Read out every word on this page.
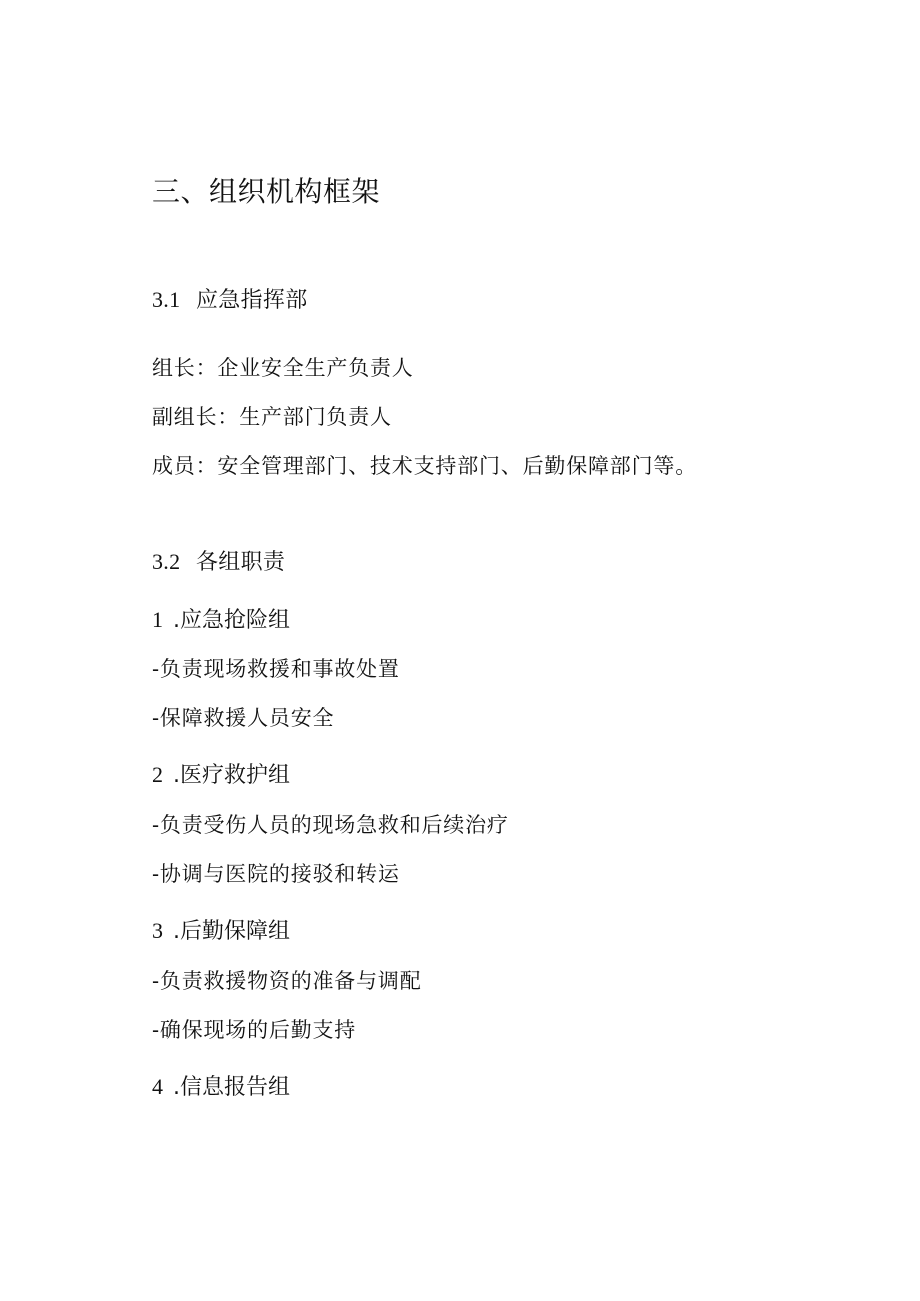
三、组织机构框架
3.1 应急指挥部
组长：企业安全生产负责人
副组长：生产部门负责人
成员：安全管理部门、技术支持部门、后勤保障部门等。
3.2 各组职责
1 .应急抢险组
-负责现场救援和事故处置
-保障救援人员安全
2 .医疗救护组
-负责受伤人员的现场急救和后续治疗
-协调与医院的接驳和转运
3 .后勤保障组
-负责救援物资的准备与调配
-确保现场的后勤支持
4 .信息报告组
